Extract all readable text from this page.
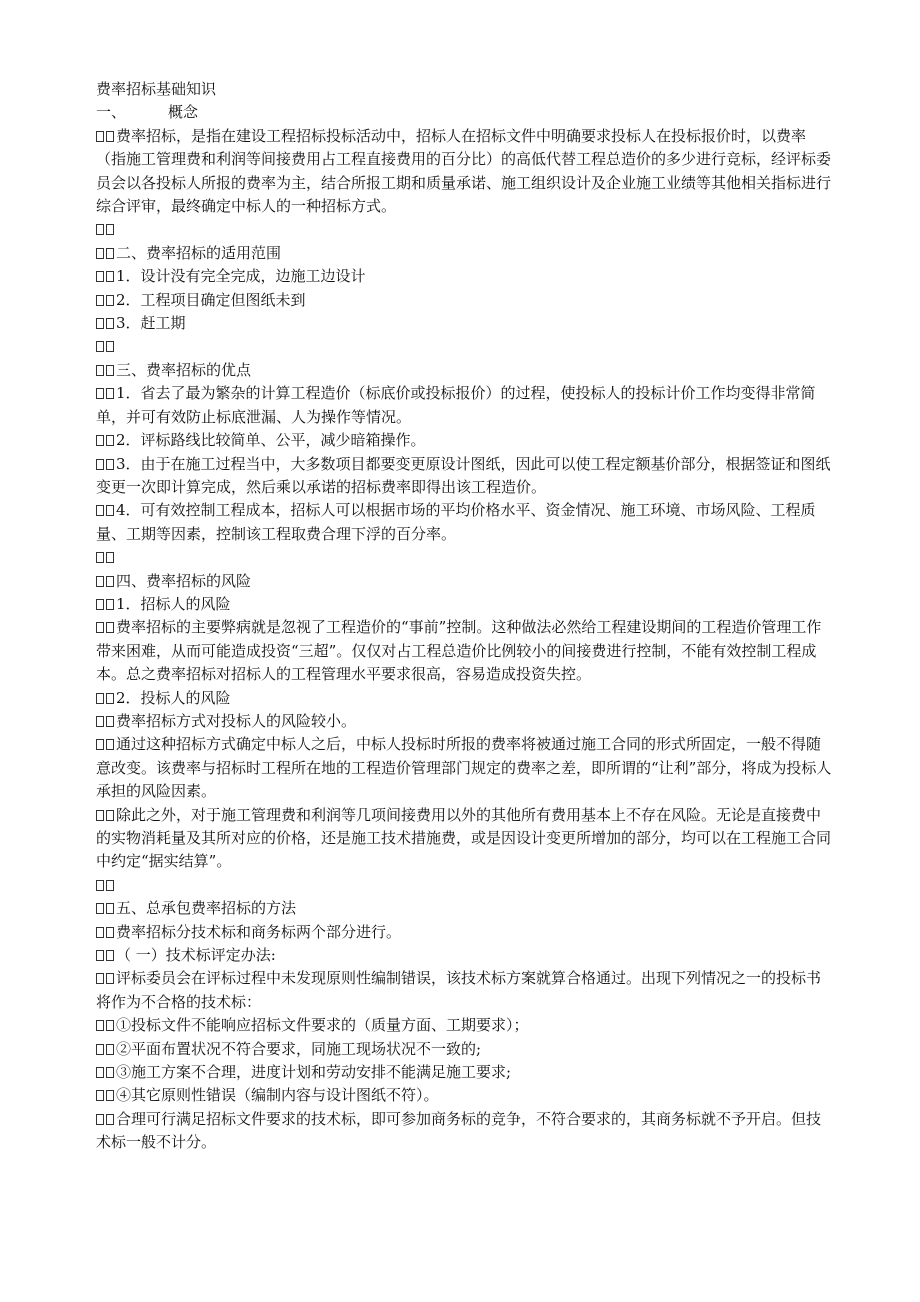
费率招标基础知识
一、	概念
费率招标，是指在建设工程招标投标活动中，招标人在招标文件中明确要求投标人在投标报价时，以费率（指施工管理费和利润等间接费用占工程直接费用的百分比）的高低代替工程总造价的多少进行竞标，经评标委员会以各投标人所报的费率为主，结合所报工期和质量承诺、施工组织设计及企业施工业绩等其他相关指标进行综合评审，最终确定中标人的一种招标方式。
二、费率招标的适用范围
1．设计没有完全完成，边施工边设计
2．工程项目确定但图纸未到
3．赶工期
三、费率招标的优点
1．省去了最为繁杂的计算工程造价（标底价或投标报价）的过程，使投标人的投标计价工作均变得非常简单，并可有效防止标底泄漏、人为操作等情况。
2．评标路线比较简单、公平，减少暗箱操作。
3．由于在施工过程当中，大多数项目都要变更原设计图纸，因此可以使工程定额基价部分，根据签证和图纸变更一次即计算完成，然后乘以承诺的招标费率即得出该工程造价。
4．可有效控制工程成本，招标人可以根据市场的平均价格水平、资金情况、施工环境、市场风险、工程质量、工期等因素，控制该工程取费合理下浮的百分率。
四、费率招标的风险
1．招标人的风险
费率招标的主要弊病就是忽视了工程造价的“事前”控制。这种做法必然给工程建设期间的工程造价管理工作带来困难，从而可能造成投资“三超”。仅仅对占工程总造价比例较小的间接费进行控制，不能有效控制工程成本。总之费率招标对招标人的工程管理水平要求很高，容易造成投资失控。
2．投标人的风险
费率招标方式对投标人的风险较小。
通过这种招标方式确定中标人之后，中标人投标时所报的费率将被通过施工合同的形式所固定，一般不得随意改变。该费率与招标时工程所在地的工程造价管理部门规定的费率之差，即所谓的“让利”部分，将成为投标人承担的风险因素。
除此之外，对于施工管理费和利润等几项间接费用以外的其他所有费用基本上不存在风险。无论是直接费中的实物消耗量及其所对应的价格，还是施工技术措施费，或是因设计变更所增加的部分，均可以在工程施工合同中约定“据实结算”。
五、总承包费率招标的方法
费率招标分技术标和商务标两个部分进行。
（ 一）技术标评定办法:
评标委员会在评标过程中未发现原则性编制错误，该技术标方案就算合格通过。出现下列情况之一的投标书将作为不合格的技术标：
①投标文件不能响应招标文件要求的（质量方面、工期要求）；
②平面布置状况不符合要求，同施工现场状况不一致的;
③施工方案不合理，进度计划和劳动安排不能满足施工要求;
④其它原则性错误（编制内容与设计图纸不符）。
合理可行满足招标文件要求的技术标，即可参加商务标的竞争，不符合要求的，其商务标就不予开启。但技术标一般不计分。
